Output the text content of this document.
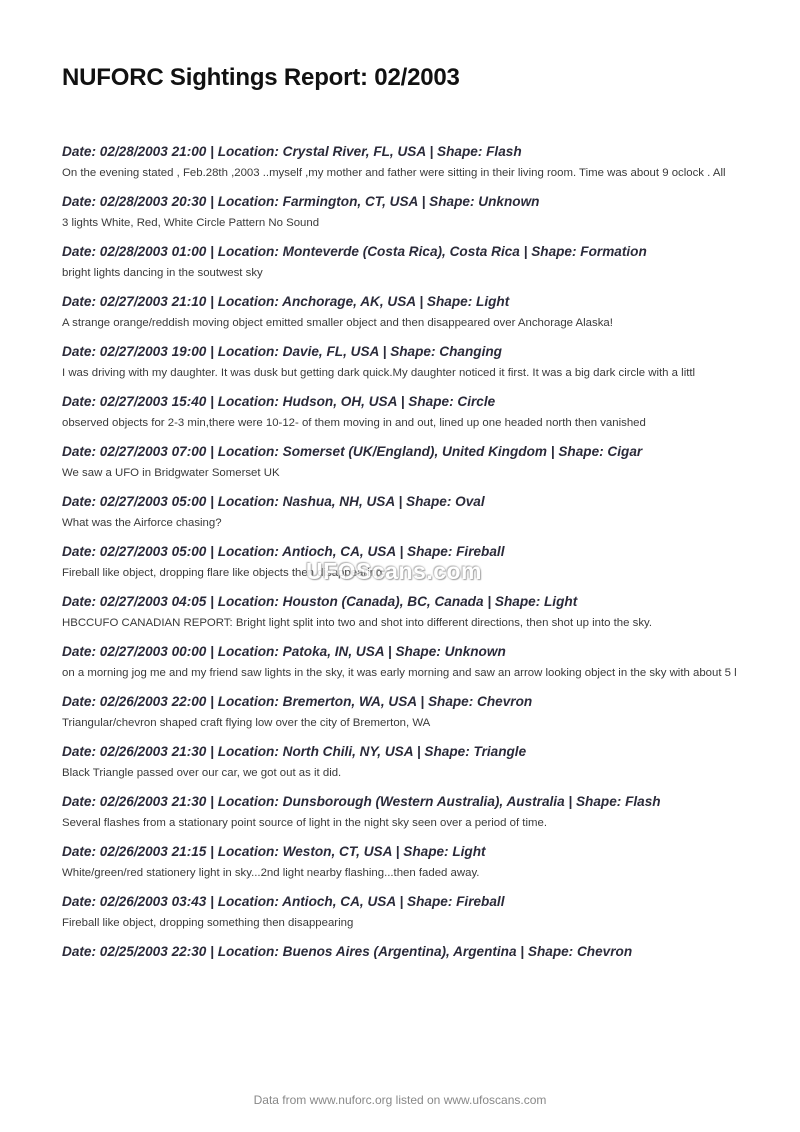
NUFORC Sightings Report: 02/2003
Date: 02/28/2003 21:00 | Location: Crystal River, FL, USA | Shape: Flash
On the evening stated , Feb.28th ,2003 ..myself ,my mother and father were sitting in their living room. Time was about 9 oclock . All
Date: 02/28/2003 20:30 | Location: Farmington, CT, USA | Shape: Unknown
3 lights White, Red, White Circle Pattern No Sound
Date: 02/28/2003 01:00 | Location: Monteverde (Costa Rica), Costa Rica | Shape: Formation
bright lights dancing in the soutwest sky
Date: 02/27/2003 21:10 | Location: Anchorage, AK, USA | Shape: Light
A strange orange/reddish moving object emitted smaller object and then disappeared over Anchorage Alaska!
Date: 02/27/2003 19:00 | Location: Davie, FL, USA | Shape: Changing
I was driving with my daughter. It was dusk but getting dark quick.My daughter noticed it first. It was a big dark circle with a littl
Date: 02/27/2003 15:40 | Location: Hudson, OH, USA | Shape: Circle
observed objects for 2-3 min,there were 10-12- of them moving in and out, lined up one headed north then vanished
Date: 02/27/2003 07:00 | Location: Somerset (UK/England), United Kingdom | Shape: Cigar
We saw a UFO in Bridgwater Somerset UK
Date: 02/27/2003 05:00 | Location: Nashua, NH, USA | Shape: Oval
What was the Airforce chasing?
Date: 02/27/2003 05:00 | Location: Antioch, CA, USA | Shape: Fireball
Fireball like object, dropping flare like objects then disappearing
Date: 02/27/2003 04:05 | Location: Houston (Canada), BC, Canada | Shape: Light
HBCCUFO CANADIAN REPORT: Bright light split into two and shot into different directions, then shot up into the sky.
Date: 02/27/2003 00:00 | Location: Patoka, IN, USA | Shape: Unknown
on a morning jog me and my friend saw lights in the sky, it was early morning and saw an arrow looking object in the sky with about 5 l
Date: 02/26/2003 22:00 | Location: Bremerton, WA, USA | Shape: Chevron
Triangular/chevron shaped craft flying low over the city of Bremerton, WA
Date: 02/26/2003 21:30 | Location: North Chili, NY, USA | Shape: Triangle
Black Triangle passed over our car, we got out as it did.
Date: 02/26/2003 21:30 | Location: Dunsborough (Western Australia), Australia | Shape: Flash
Several flashes from a stationary point source of light in the night sky seen over a period of time.
Date: 02/26/2003 21:15 | Location: Weston, CT, USA | Shape: Light
White/green/red stationery light in sky...2nd light nearby flashing...then faded away.
Date: 02/26/2003 03:43 | Location: Antioch, CA, USA | Shape: Fireball
Fireball like object, dropping something then disappearing
Date: 02/25/2003 22:30 | Location: Buenos Aires (Argentina), Argentina | Shape: Chevron
UFOScans.com
Data from www.nuforc.org listed on www.ufoscans.com
